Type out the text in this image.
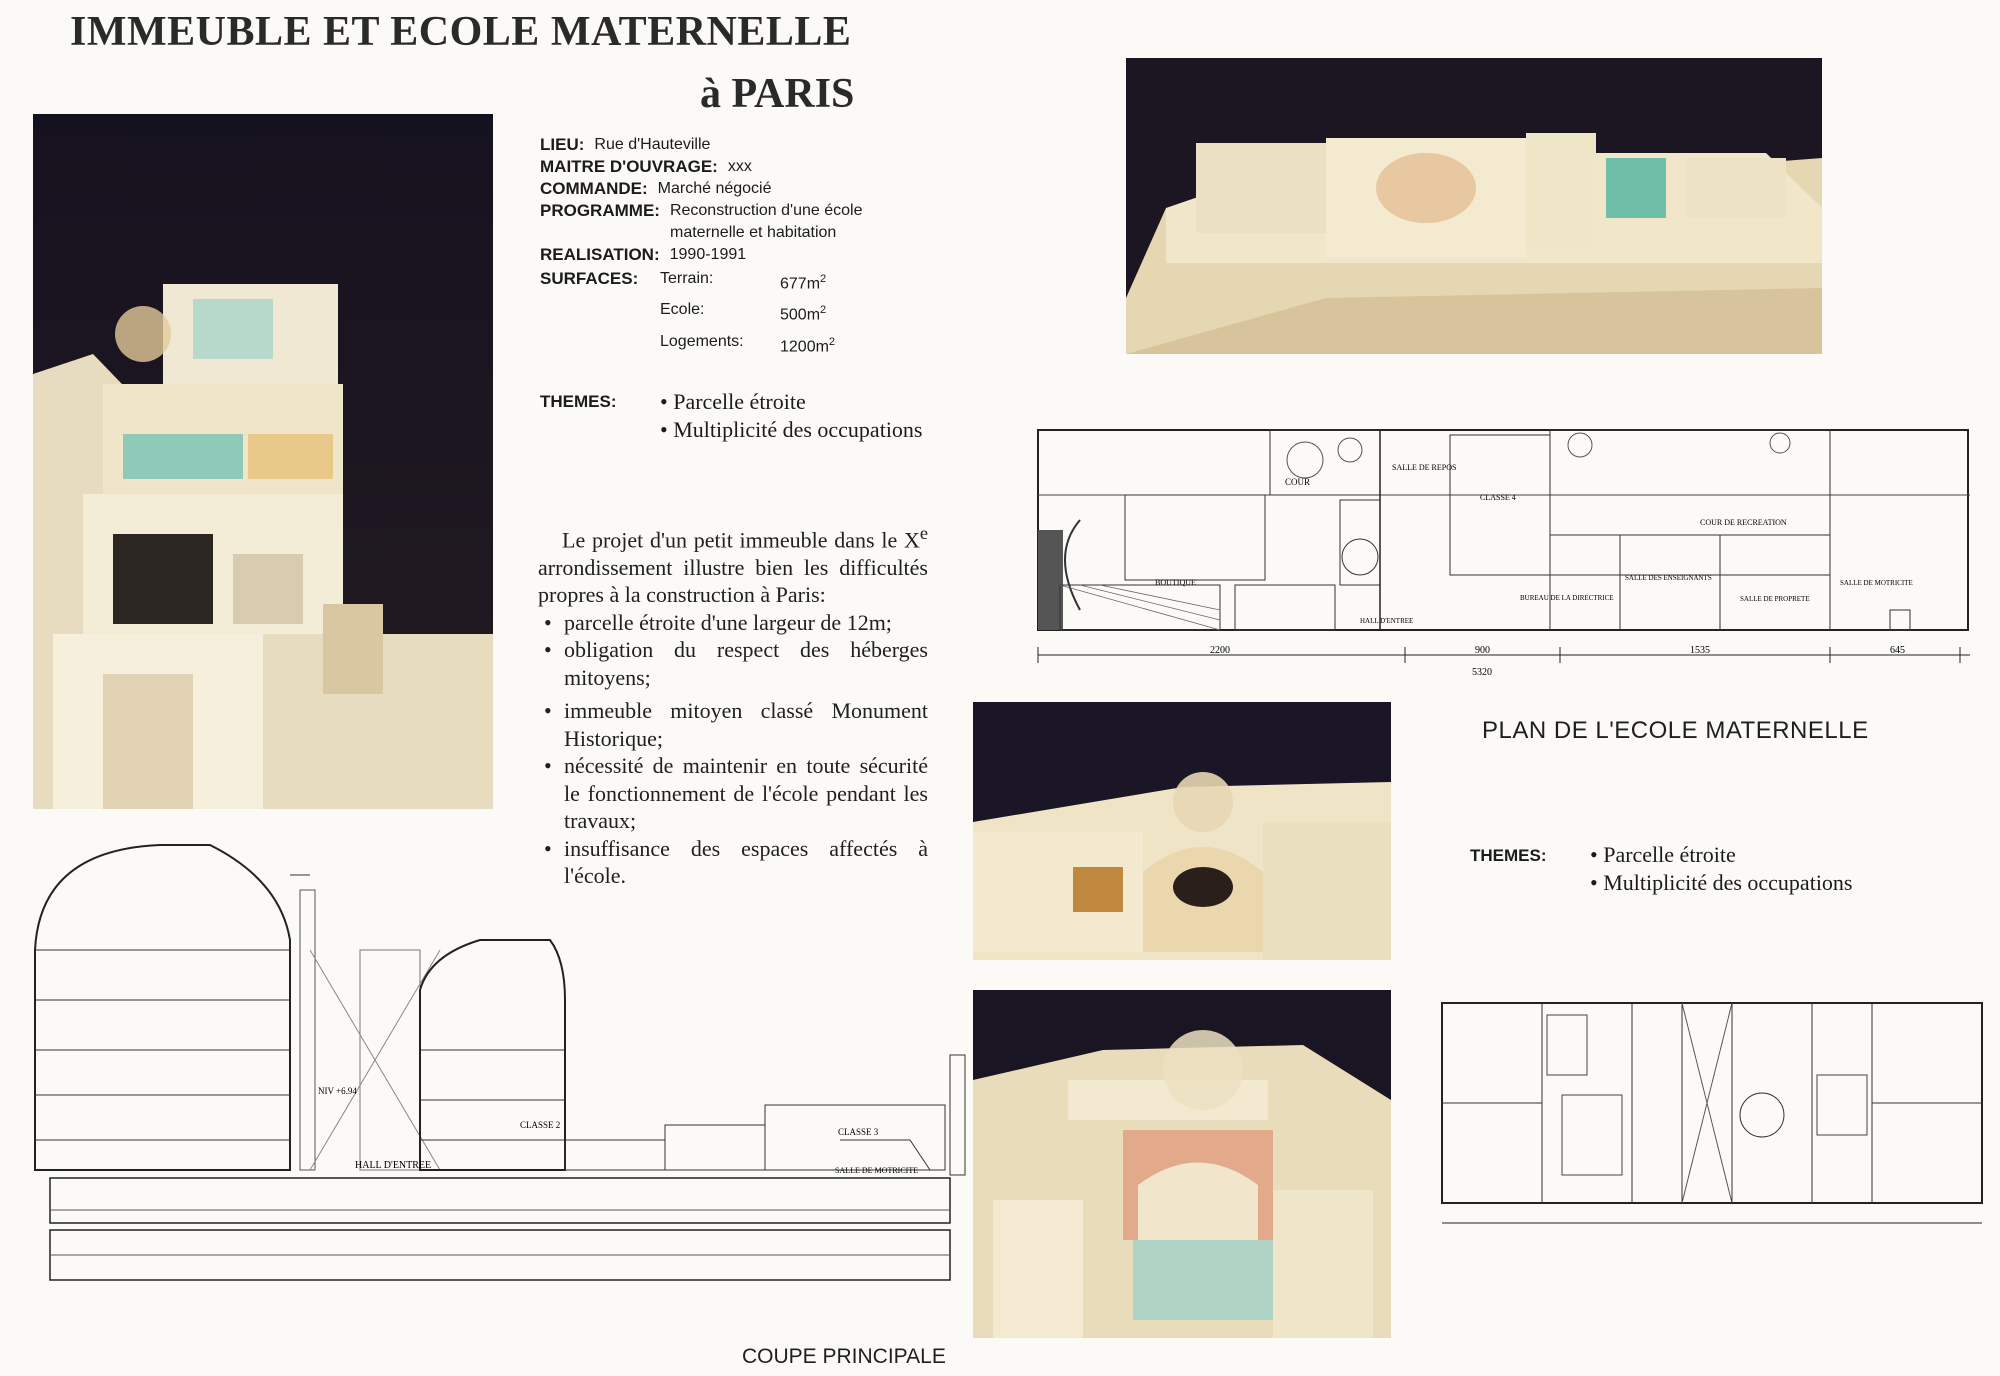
IMMEUBLE ET ECOLE MATERNELLE
à PARIS
LIEU: Rue d'Hauteville
MAITRE D'OUVRAGE: xxx
COMMANDE: Marché négocié
PROGRAMME: Reconstruction d'une école
maternelle et habitation
REALISATION: 1990-1991
SURFACES:	Terrain:	$677m^2$
Ecole:	$500m^2$
Logements:	$1200m^2$
THEMES:	• Parcelle étroite
• Multiplicité des occupations
Le projet d'un petit immeuble dans le Xe arrondissement illustre bien les difficultés propres à la construction à Paris:
• parcelle étroite d'une largeur de 12m;
• obligation du respect des héberges mitoyens;
• immeuble mitoyen classé Monument Historique;
• nécessité de maintenir en toute sécurité le fonctionnement de l'école pendant les travaux;
• insuffisance des espaces affectés à l'école.
COUR
SALLE DE REPOS
CLASSE 4
COUR DE RECREATION
BOUTIQUE
BUREAU DE LA DIRECTRICE
SALLE DES ENSEIGNANTS
SALLE DE PROPRETE
SALLE DE MOTRICITE
HALL D'ENTREE
2200	900	1535	645
5320
PLAN DE L'ECOLE MATERNELLE
THEMES:	• Parcelle étroite
• Multiplicité des occupations
HALL D'ENTREE
CLASSE 2
CLASSE 3
SALLE DE MOTRICITE
NIV +6.94
COUPE PRINCIPALE
